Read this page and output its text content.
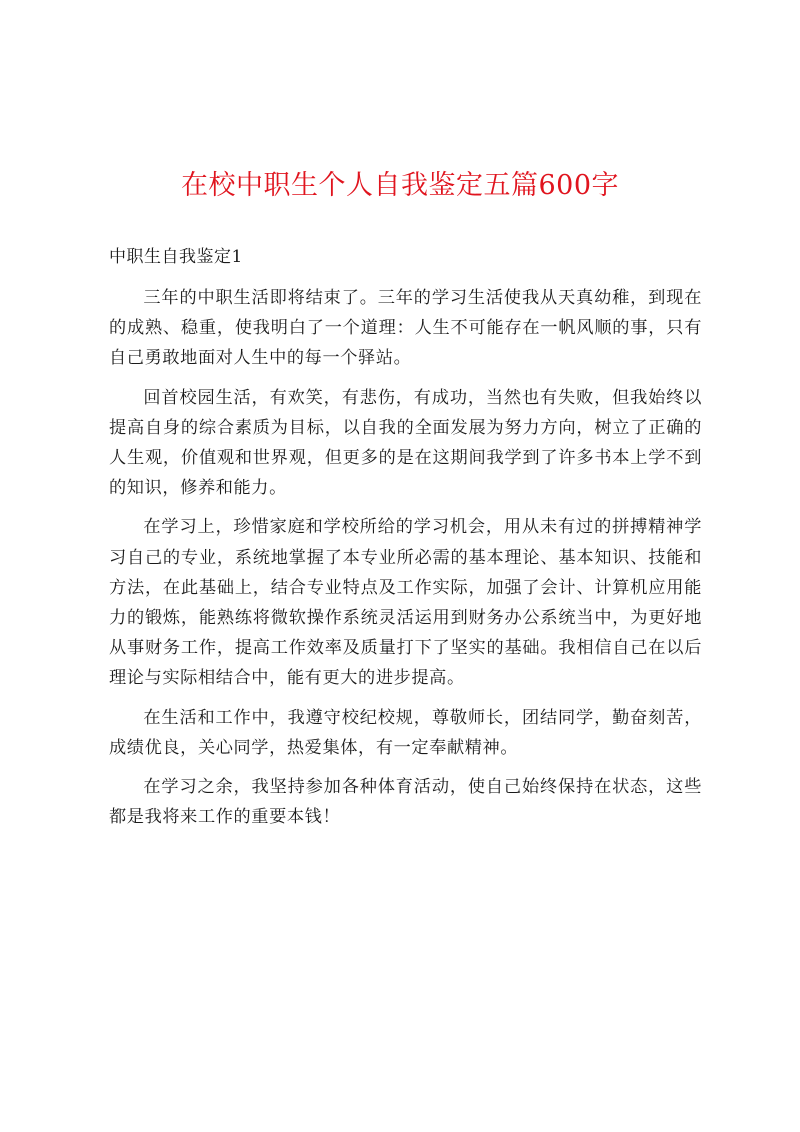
在校中职生个人自我鉴定五篇600字

中职生自我鉴定1

三年的中职生活即将结束了。三年的学习生活使我从天真幼稚，到现在的成熟、稳重，使我明白了一个道理：人生不可能存在一帆风顺的事，只有自己勇敢地面对人生中的每一个驿站。

回首校园生活，有欢笑，有悲伤，有成功，当然也有失败，但我始终以提高自身的综合素质为目标，以自我的全面发展为努力方向，树立了正确的人生观，价值观和世界观，但更多的是在这期间我学到了许多书本上学不到的知识，修养和能力。

在学习上，珍惜家庭和学校所给的学习机会，用从未有过的拼搏精神学习自己的专业，系统地掌握了本专业所必需的基本理论、基本知识、技能和方法，在此基础上，结合专业特点及工作实际，加强了会计、计算机应用能力的锻炼，能熟练将微软操作系统灵活运用到财务办公系统当中，为更好地从事财务工作，提高工作效率及质量打下了坚实的基础。我相信自己在以后理论与实际相结合中，能有更大的进步提高。

在生活和工作中，我遵守校纪校规，尊敬师长，团结同学，勤奋刻苦，成绩优良，关心同学，热爱集体，有一定奉献精神。

在学习之余，我坚持参加各种体育活动，使自己始终保持在状态，这些都是我将来工作的重要本钱！
